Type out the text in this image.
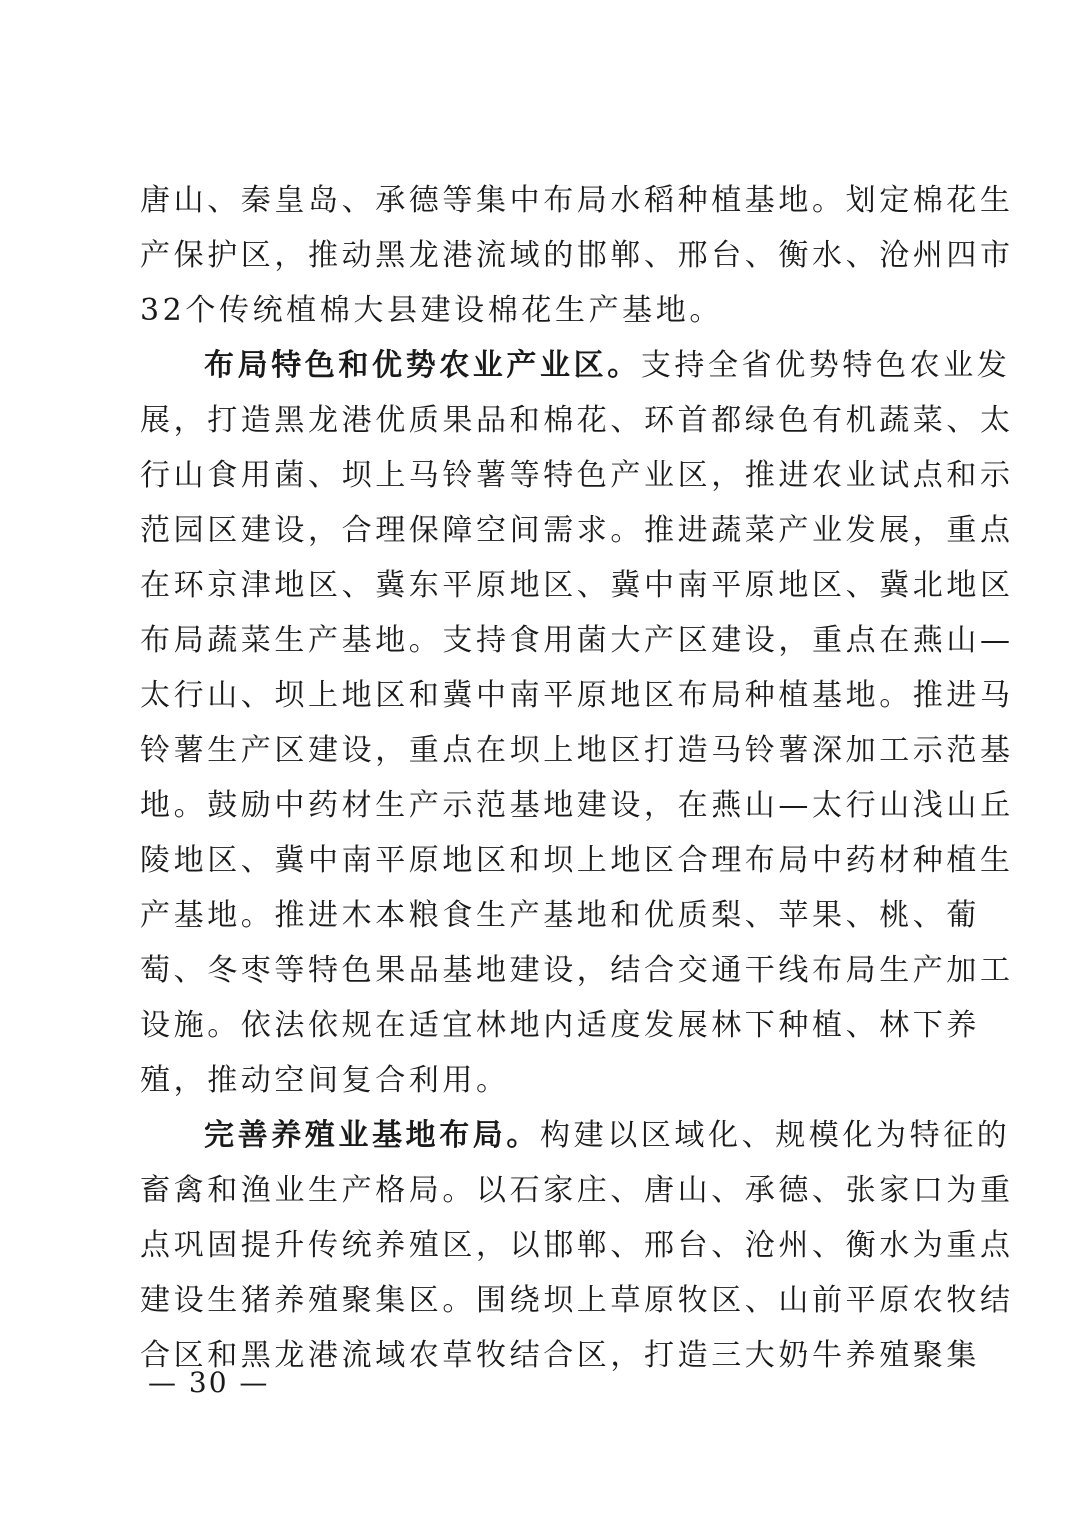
唐山、秦皇岛、承德等集中布局水稻种植基地。划定棉花生
产保护区，推动黑龙港流域的邯郸、邢台、衡水、沧州四市
32个传统植棉大县建设棉花生产基地。

布局特色和优势农业产业区。支持全省优势特色农业发
展，打造黑龙港优质果品和棉花、环首都绿色有机蔬菜、太
行山食用菌、坝上马铃薯等特色产业区，推进农业试点和示
范园区建设，合理保障空间需求。推进蔬菜产业发展，重点
在环京津地区、冀东平原地区、冀中南平原地区、冀北地区
布局蔬菜生产基地。支持食用菌大产区建设，重点在燕山—
太行山、坝上地区和冀中南平原地区布局种植基地。推进马
铃薯生产区建设，重点在坝上地区打造马铃薯深加工示范基
地。鼓励中药材生产示范基地建设，在燕山—太行山浅山丘
陵地区、冀中南平原地区和坝上地区合理布局中药材种植生
产基地。推进木本粮食生产基地和优质梨、苹果、桃、葡
萄、冬枣等特色果品基地建设，结合交通干线布局生产加工
设施。依法依规在适宜林地内适度发展林下种植、林下养
殖，推动空间复合利用。

完善养殖业基地布局。构建以区域化、规模化为特征的
畜禽和渔业生产格局。以石家庄、唐山、承德、张家口为重
点巩固提升传统养殖区，以邯郸、邢台、沧州、衡水为重点
建设生猪养殖聚集区。围绕坝上草原牧区、山前平原农牧结
合区和黑龙港流域农草牧结合区，打造三大奶牛养殖聚集

— 30 —
